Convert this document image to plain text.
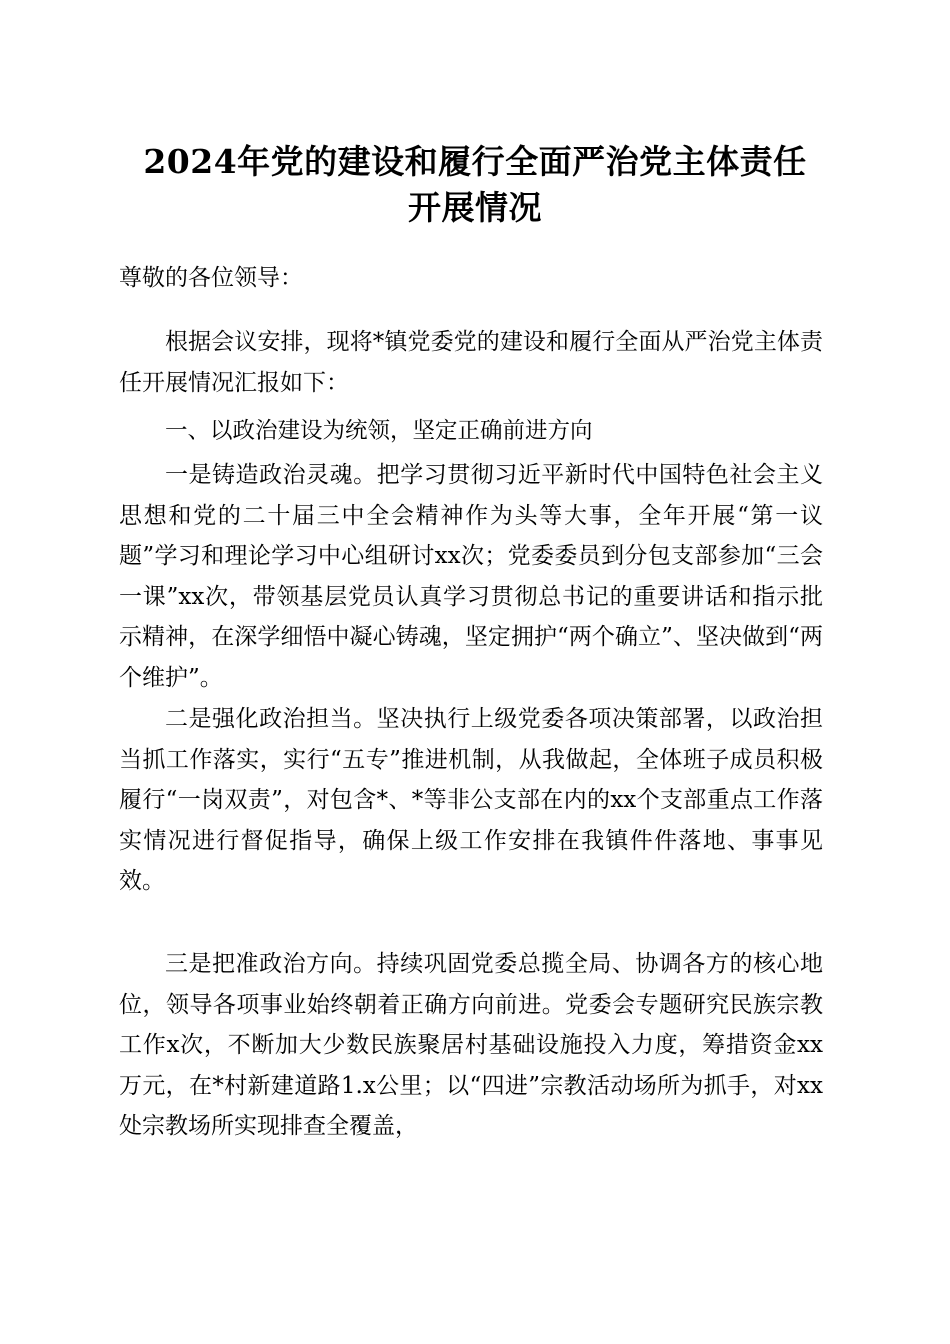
2024年党的建设和履行全面严治党主体责任
开展情况

尊敬的各位领导：

根据会议安排，现将*镇党委党的建设和履行全面从严治党主体责任开展情况汇报如下：

一、以政治建设为统领，坚定正确前进方向

一是铸造政治灵魂。把学习贯彻习近平新时代中国特色社会主义思想和党的二十届三中全会精神作为头等大事，全年开展“第一议题”学习和理论学习中心组研讨xx次；党委委员到分包支部参加“三会一课”xx次，带领基层党员认真学习贯彻总书记的重要讲话和指示批示精神，在深学细悟中凝心铸魂，坚定拥护“两个确立”、坚决做到“两个维护”。

二是强化政治担当。坚决执行上级党委各项决策部署，以政治担当抓工作落实，实行“五专”推进机制，从我做起，全体班子成员积极履行“一岗双责”，对包含*、*等非公支部在内的xx个支部重点工作落实情况进行督促指导，确保上级工作安排在我镇件件落地、事事见效。

三是把准政治方向。持续巩固党委总揽全局、协调各方的核心地位，领导各项事业始终朝着正确方向前进。党委会专题研究民族宗教工作x次，不断加大少数民族聚居村基础设施投入力度，筹措资金xx万元，在*村新建道路1.x公里；以“四进”宗教活动场所为抓手，对xx处宗教场所实现排查全覆盖，
